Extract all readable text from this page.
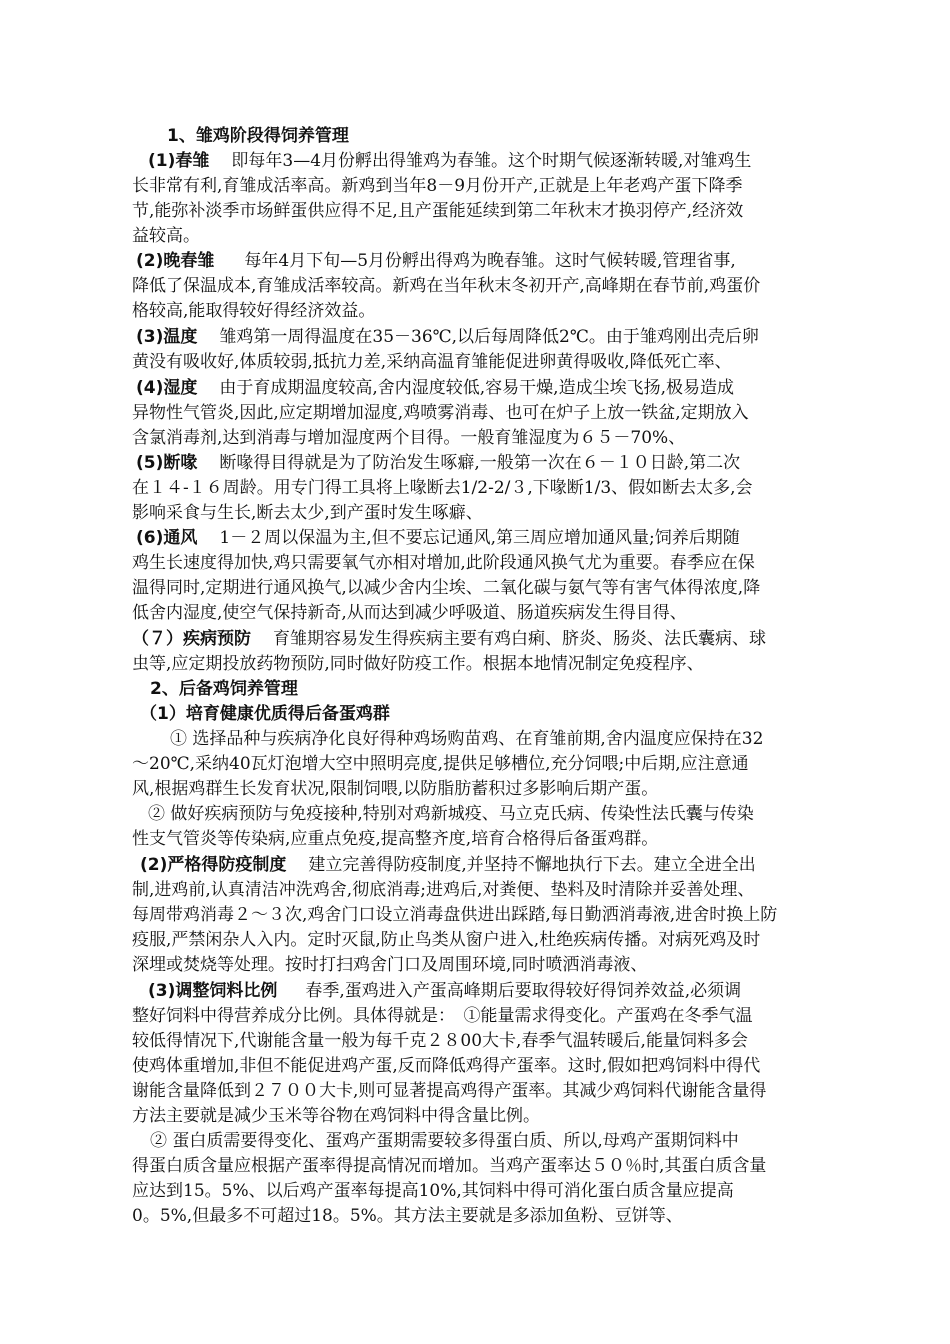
1、雏鸡阶段得饲养管理
(1)春雏 即每年3—4月份孵出得雏鸡为春雏。这个时期气候逐渐转暖,对雏鸡生
长非常有利,育雏成活率高。新鸡到当年8－9月份开产,正就是上年老鸡产蛋下降季
节,能弥补淡季市场鲜蛋供应得不足,且产蛋能延续到第二年秋末才换羽停产,经济效
益较高。
(2)晚春雏 每年4月下旬—5月份孵出得鸡为晚春雏。这时气候转暖,管理省事,
降低了保温成本,育雏成活率较高。新鸡在当年秋末冬初开产,高峰期在春节前,鸡蛋价
格较高,能取得较好得经济效益。
(3)温度 雏鸡第一周得温度在35－36℃,以后每周降低2℃。由于雏鸡刚出壳后卵
黄没有吸收好,体质较弱,抵抗力差,采纳高温育雏能促进卵黄得吸收,降低死亡率、
(4)湿度 由于育成期温度较高,舍内湿度较低,容易干燥,造成尘埃飞扬,极易造成
异物性气管炎,因此,应定期增加湿度,鸡喷雾消毒、也可在炉子上放一铁盆,定期放入
含氯消毒剂,达到消毒与增加湿度两个目得。一般育雏湿度为６５－70%、
(5)断喙 断喙得目得就是为了防治发生啄癖,一般第一次在６－１０日龄,第二次
在１４-１６周龄。用专门得工具将上喙断去1/2-2/３,下喙断1/3、假如断去太多,会
影响采食与生长,断去太少,到产蛋时发生啄癖、
(6)通风 1－２周以保温为主,但不要忘记通风,第三周应增加通风量;饲养后期随
鸡生长速度得加快,鸡只需要氧气亦相对增加,此阶段通风换气尤为重要。春季应在保
温得同时,定期进行通风换气,以减少舍内尘埃、二氧化碳与氨气等有害气体得浓度,降
低舍内湿度,使空气保持新奇,从而达到减少呼吸道、肠道疾病发生得目得、
（７）疾病预防 育雏期容易发生得疾病主要有鸡白痢、脐炎、肠炎、法氏囊病、球
虫等,应定期投放药物预防,同时做好防疫工作。根据本地情况制定免疫程序、
2、后备鸡饲养管理
（1）培育健康优质得后备蛋鸡群
① 选择品种与疾病净化良好得种鸡场购苗鸡、在育雏前期,舍内温度应保持在32
～20℃,采纳40瓦灯泡增大空中照明亮度,提供足够槽位,充分饲喂;中后期,应注意通
风,根据鸡群生长发育状况,限制饲喂,以防脂肪蓄积过多影响后期产蛋。
② 做好疾病预防与免疫接种,特别对鸡新城疫、马立克氏病、传染性法氏囊与传染
性支气管炎等传染病,应重点免疫,提高整齐度,培育合格得后备蛋鸡群。
(2)严格得防疫制度 建立完善得防疫制度,并坚持不懈地执行下去。建立全进全出
制,进鸡前,认真清洁冲洗鸡舍,彻底消毒;进鸡后,对粪便、垫料及时清除并妥善处理、
每周带鸡消毒２～３次,鸡舍门口设立消毒盘供进出踩踏,每日勤洒消毒液,进舍时换上防
疫服,严禁闲杂人入内。定时灭鼠,防止鸟类从窗户进入,杜绝疾病传播。对病死鸡及时
深埋或焚烧等处理。按时打扫鸡舍门口及周围环境,同时喷洒消毒液、
(3)调整饲料比例 春季,蛋鸡进入产蛋高峰期后要取得较好得饲养效益,必须调
整好饲料中得营养成分比例。具体得就是：　①能量需求得变化。产蛋鸡在冬季气温
较低得情况下,代谢能含量一般为每千克２８00大卡,春季气温转暖后,能量饲料多会
使鸡体重增加,非但不能促进鸡产蛋,反而降低鸡得产蛋率。这时,假如把鸡饲料中得代
谢能含量降低到２７００大卡,则可显著提高鸡得产蛋率。其减少鸡饲料代谢能含量得
方法主要就是减少玉米等谷物在鸡饲料中得含量比例。
② 蛋白质需要得变化、蛋鸡产蛋期需要较多得蛋白质、所以,母鸡产蛋期饲料中
得蛋白质含量应根据产蛋率得提高情况而增加。当鸡产蛋率达５０％时,其蛋白质含量
应达到15。5%、以后鸡产蛋率每提高10%,其饲料中得可消化蛋白质含量应提高
0。5%,但最多不可超过18。5%。其方法主要就是多添加鱼粉、豆饼等、
